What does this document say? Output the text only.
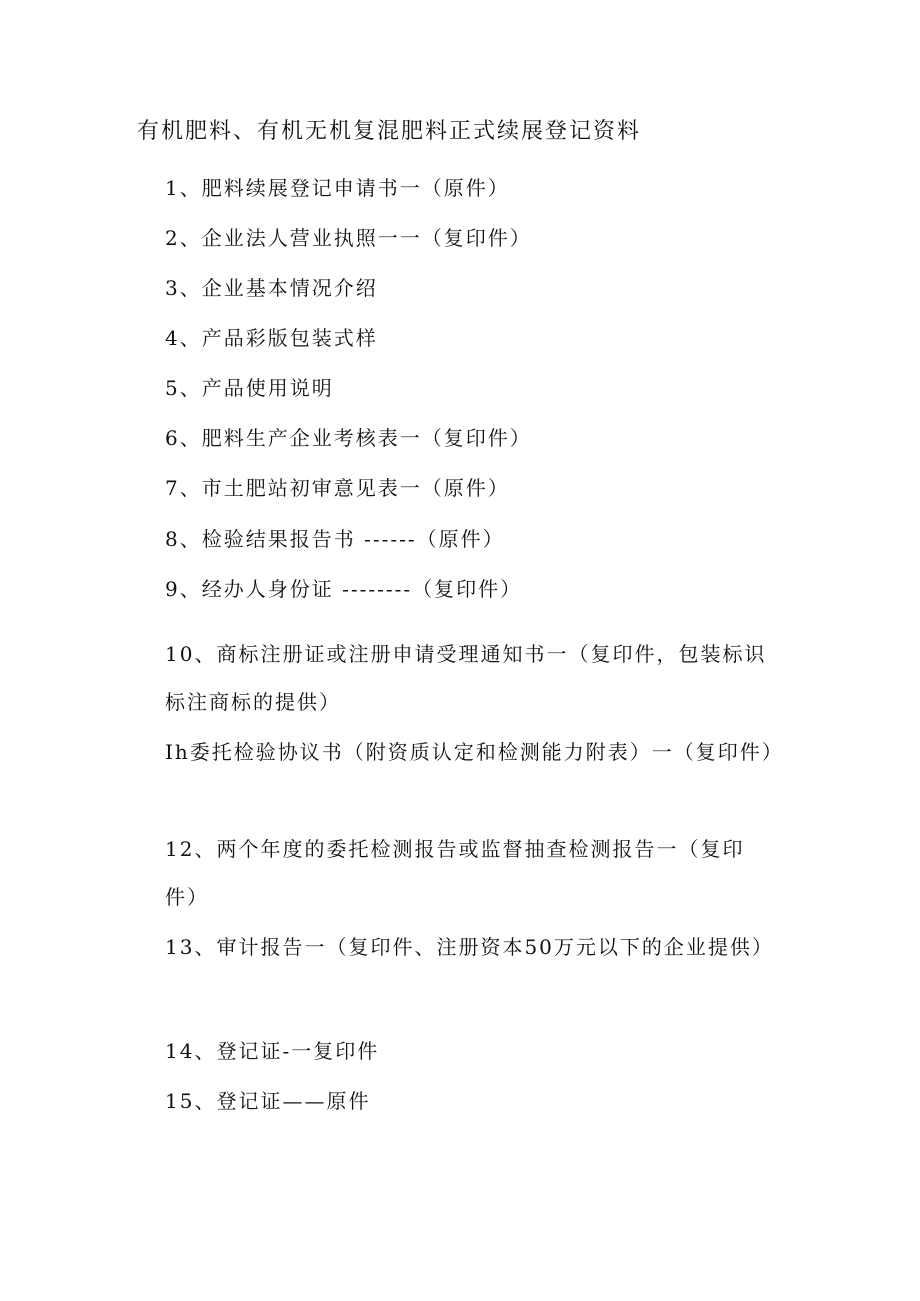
有机肥料、有机无机复混肥料正式续展登记资料
1、肥料续展登记申请书一（原件）
2、企业法人营业执照一一（复印件）
3、企业基本情况介绍
4、产品彩版包装式样
5、产品使用说明
6、肥料生产企业考核表一（复印件）
7、市土肥站初审意见表一（原件）
8、检验结果报告书 ------（原件）
9、经办人身份证 --------（复印件）
10、商标注册证或注册申请受理通知书一（复印件，包装标识标注商标的提供）
Ih委托检验协议书（附资质认定和检测能力附表）一（复印件）
12、两个年度的委托检测报告或监督抽查检测报告一（复印件）
13、审计报告一（复印件、注册资本50万元以下的企业提供）
14、登记证-一复印件
15、登记证——原件
